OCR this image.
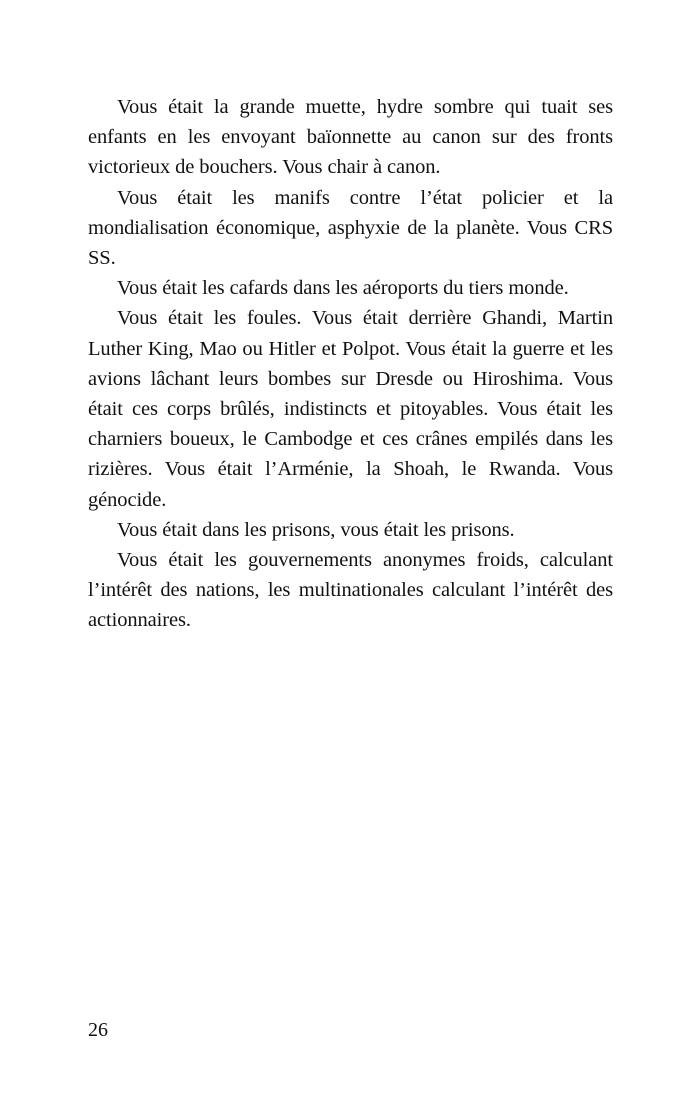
Vous était la grande muette, hydre sombre qui tuait ses enfants en les envoyant baïonnette au canon sur des fronts victorieux de bouchers. Vous chair à canon.

Vous était les manifs contre l’état policier et la mondialisation économique, asphyxie de la planète. Vous CRS SS.

Vous était les cafards dans les aéroports du tiers monde.

Vous était les foules. Vous était derrière Ghandi, Martin Luther King, Mao ou Hitler et Polpot. Vous était la guerre et les avions lâchant leurs bombes sur Dresde ou Hiroshima. Vous était ces corps brûlés, indistincts et pitoyables. Vous était les charniers boueux, le Cambodge et ces crânes empilés dans les rizières. Vous était l’Arménie, la Shoah, le Rwanda. Vous génocide.

Vous était dans les prisons, vous était les prisons.

Vous était les gouvernements anonymes froids, calculant l’intérêt des nations, les multinationales calculant l’intérêt des actionnaires.

26
